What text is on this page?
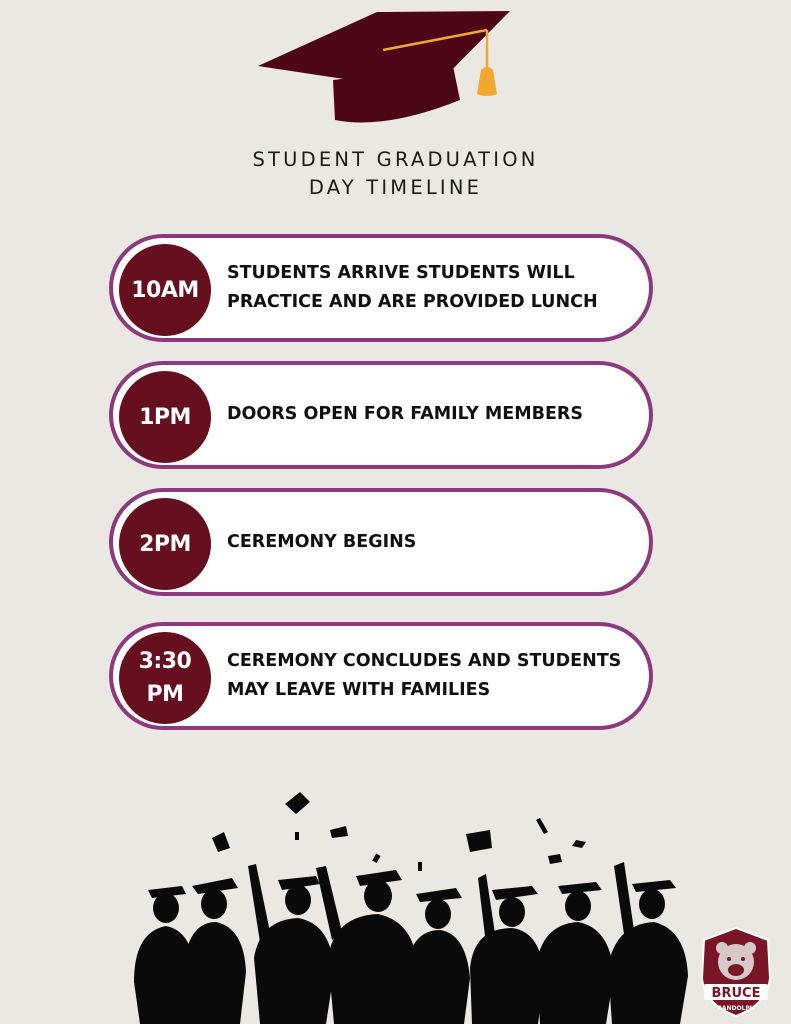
STUDENT GRADUATION
DAY TIMELINE
10AM
STUDENTS ARRIVE STUDENTS WILL PRACTICE AND ARE PROVIDED LUNCH
1PM	DOORS OPEN FOR FAMILY MEMBERS
2PM	CEREMONY BEGINS
3:30 PM
CEREMONY CONCLUDES AND STUDENTS MAY LEAVE WITH FAMILIES
BRUCE
RANDOLPH
